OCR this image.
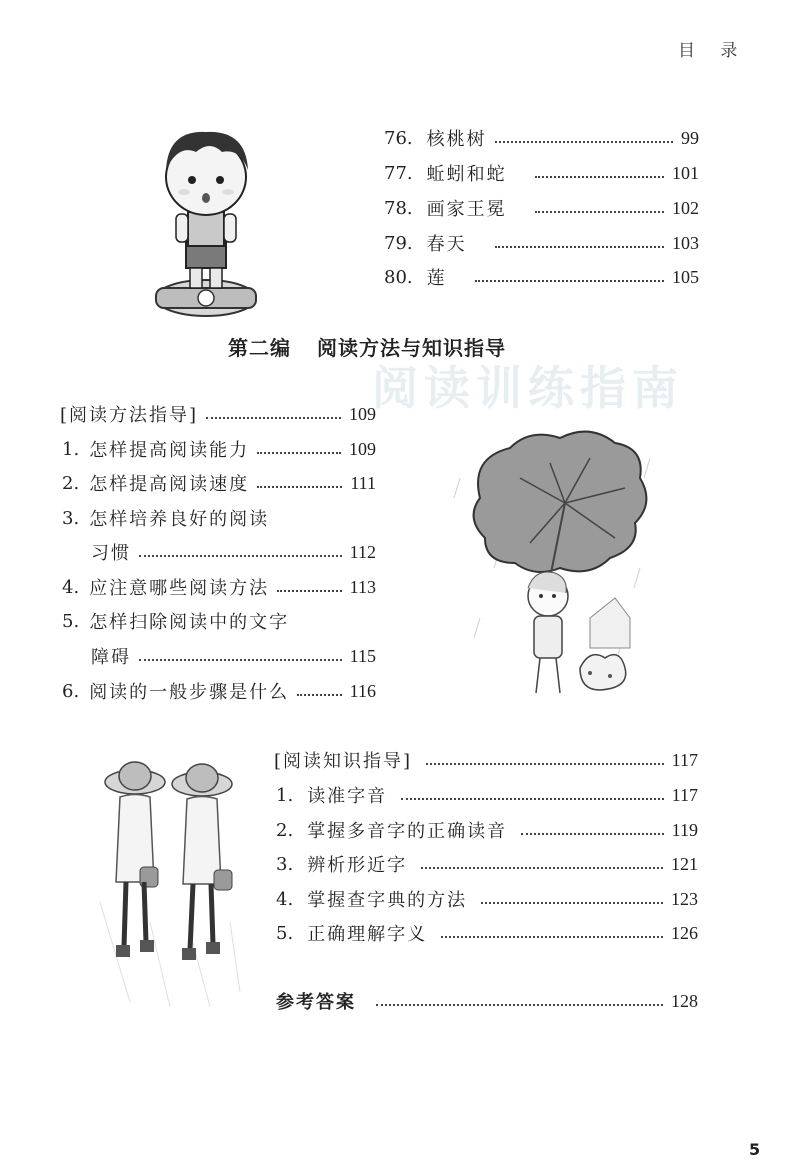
目 录
阅读训练指南
76. 核桃树	99
77. 蚯蚓和蛇	101
78. 画家王冕	102
79. 春天	103
80. 莲	105
第二编 阅读方法与知识指导
[阅读方法指导]	109
1. 怎样提高阅读能力	109
2. 怎样提高阅读速度	111
3. 怎样培养良好的阅读
习惯	112
4. 应注意哪些阅读方法	113
5. 怎样扫除阅读中的文字
障碍	115
6. 阅读的一般步骤是什么	116
[阅读知识指导]	117
1. 读准字音	117
2. 掌握多音字的正确读音	119
3. 辨析形近字	121
4. 掌握查字典的方法	123
5. 正确理解字义	126
参考答案	128
5
